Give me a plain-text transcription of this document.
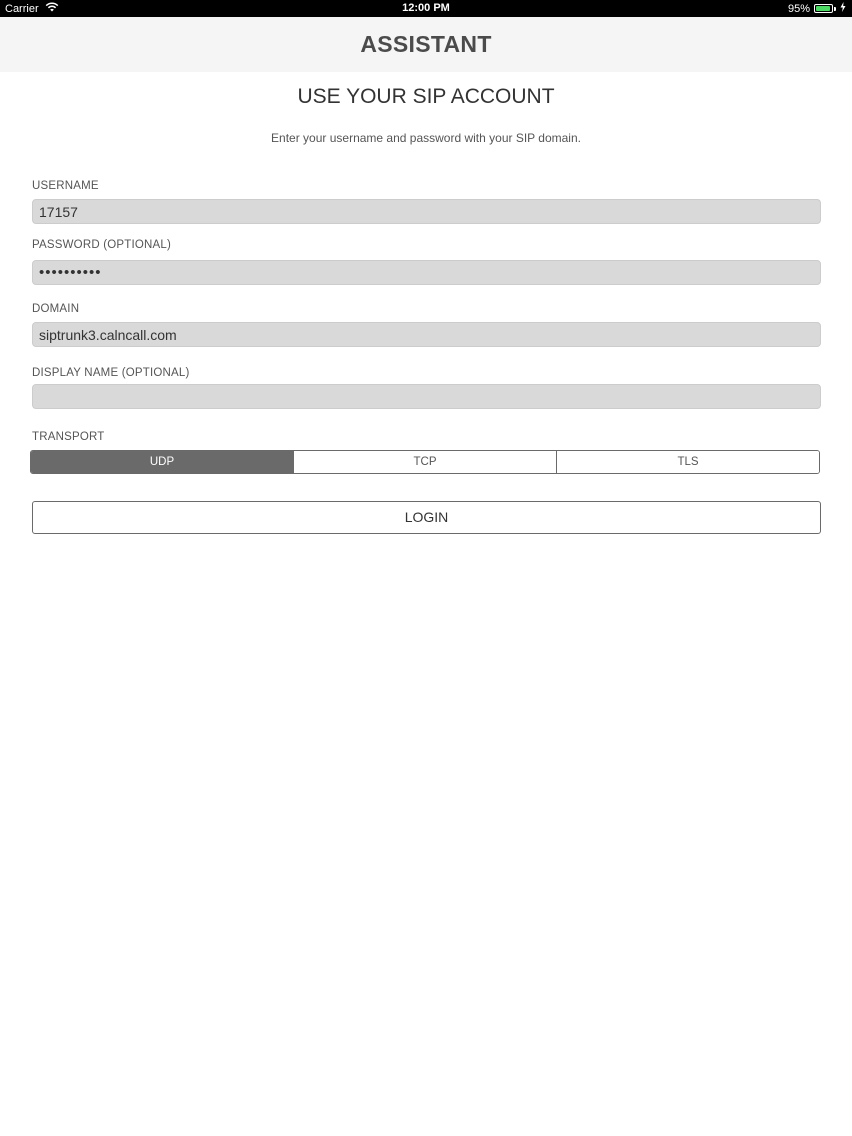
Carrier	12:00 PM	95%
ASSISTANT
USE YOUR SIP ACCOUNT
Enter your username and password with your SIP domain.
USERNAME
17157
PASSWORD (OPTIONAL)
••••••••••
DOMAIN
siptrunk3.calncall.com
DISPLAY NAME (OPTIONAL)
TRANSPORT
UDP	TCP	TLS
LOGIN
